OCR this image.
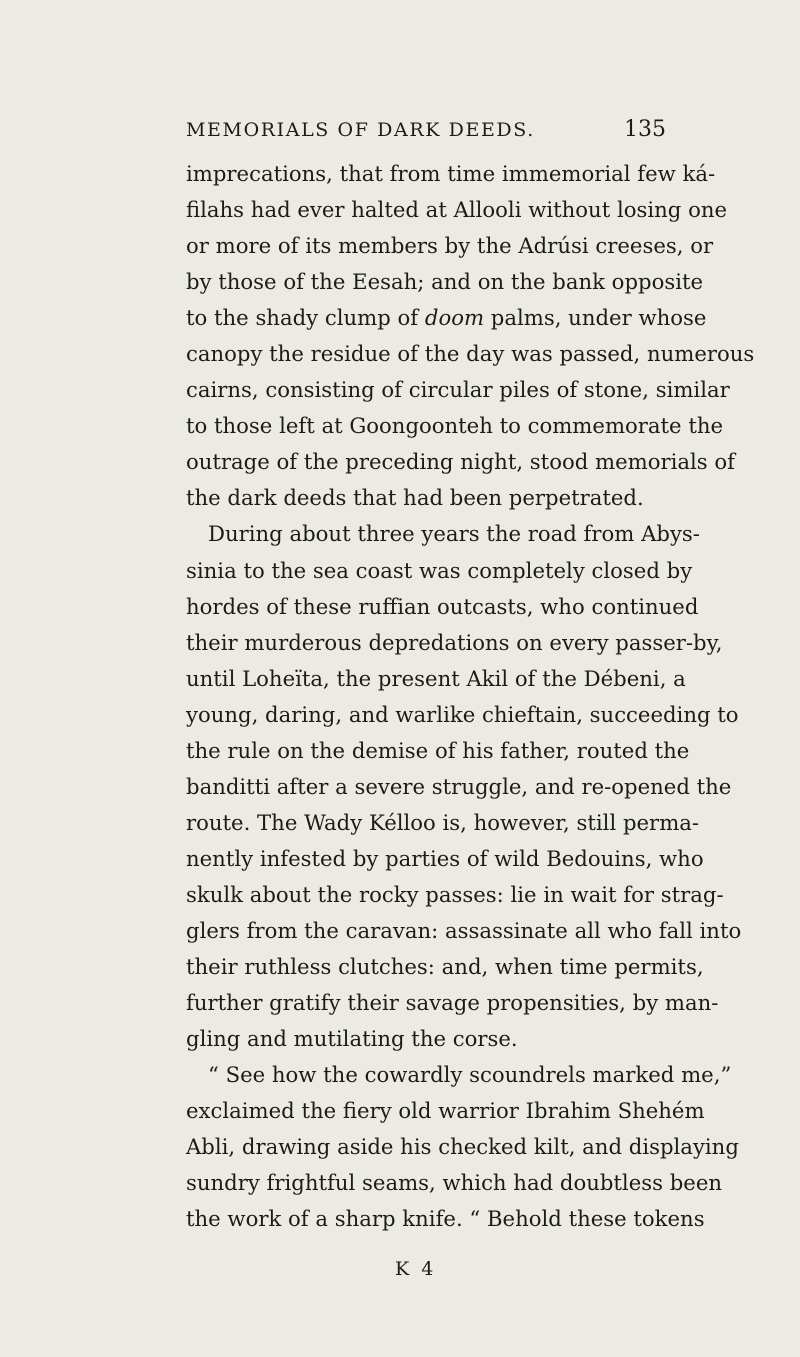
MEMORIALS OF DARK DEEDS.	135
imprecations, that from time immemorial few ká-
filahs had ever halted at Allooli without losing one
or more of its members by the Adrúsi creeses, or
by those of the Eesah; and on the bank opposite
to the shady clump of doom palms, under whose
canopy the residue of the day was passed, numerous
cairns, consisting of circular piles of stone, similar
to those left at Goongoonteh to commemorate the
outrage of the preceding night, stood memorials of
the dark deeds that had been perpetrated.
During about three years the road from Abys-
sinia to the sea coast was completely closed by
hordes of these ruffian outcasts, who continued
their murderous depredations on every passer-by,
until Loheïta, the present Akil of the Débeni, a
young, daring, and warlike chieftain, succeeding to
the rule on the demise of his father, routed the
banditti after a severe struggle, and re-opened the
route. The Wady Kélloo is, however, still perma-
nently infested by parties of wild Bedouins, who
skulk about the rocky passes: lie in wait for strag-
glers from the caravan: assassinate all who fall into
their ruthless clutches: and, when time permits,
further gratify their savage propensities, by man-
gling and mutilating the corse.
“ See how the cowardly scoundrels marked me,”
exclaimed the fiery old warrior Ibrahim Shehém
Abli, drawing aside his checked kilt, and displaying
sundry frightful seams, which had doubtless been
the work of a sharp knife. “ Behold these tokens
K 4
